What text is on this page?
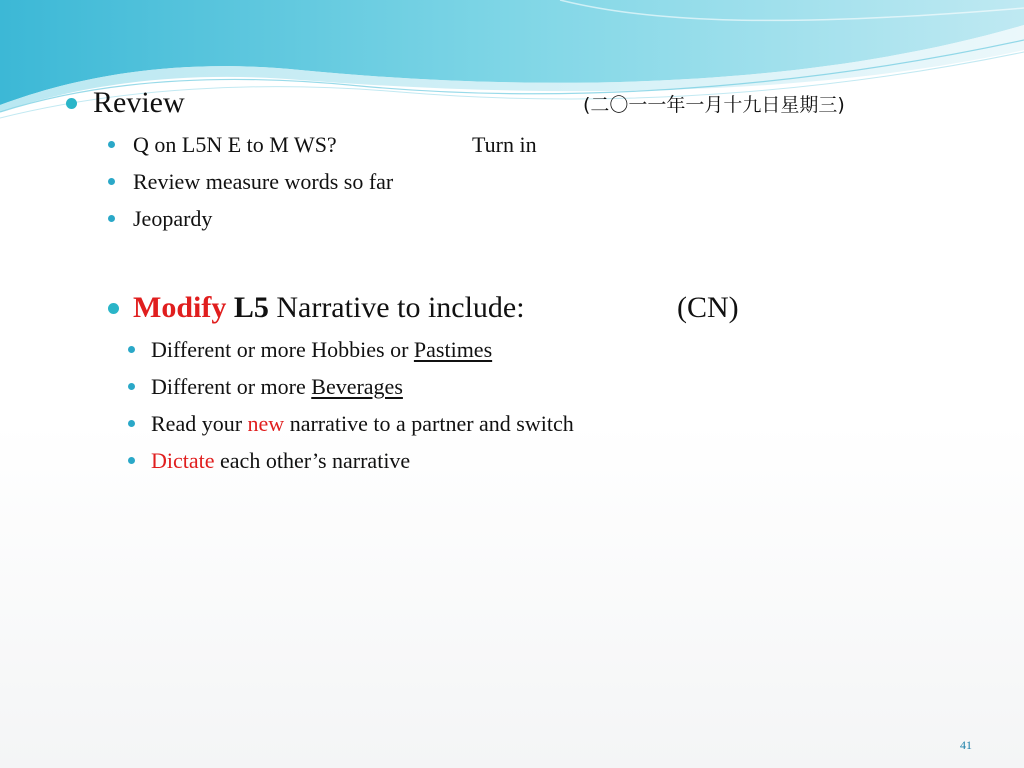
Review	(二〇一一年一月十九日星期三)
Q on L5N E to M WS?	Turn in
Review measure words so far
Jeopardy
Modify L5 Narrative to include:	(CN)
Different or more Hobbies or Pastimes
Different or more Beverages
Read your new narrative to a partner and switch
Dictate each other’s narrative
41
